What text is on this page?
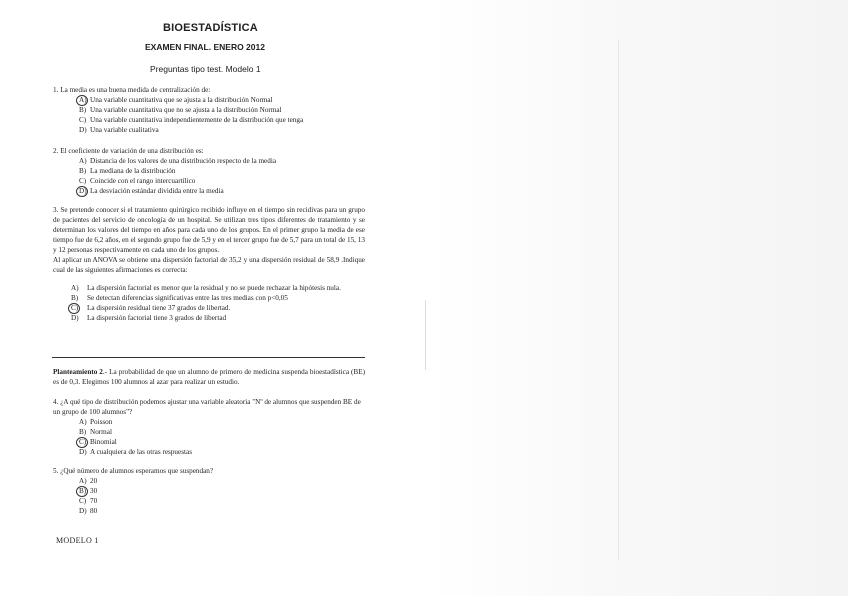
BIOESTADÍSTICA
EXAMEN FINAL. ENERO 2012
Preguntas tipo test. Modelo 1

1. La media es una buena medida de centralización de:

A) Una variable cuantitativa que se ajusta a la distribución Normal
B) Una variable cuantitativa que no se ajusta a la distribución Normal
C) Una variable cuantitativa independientemente de la distribución que tenga
D) Una variable cualitativa

2. El coeficiente de variación de una distribución es:

A) Distancia de los valores de una distribución respecto de la media
B) La mediana de la distribución
C) Coincide con el rango intercuartílico
D) La desviación estándar dividida entre la media

3. Se pretende conocer si el tratamiento quirúrgico recibido influye en el tiempo sin recidivas para un grupo de pacientes del servicio de oncología de un hospital. Se utilizan tres tipos diferentes de tratamiento y se determinan los valores del tiempo en años para cada uno de los grupos. En el primer grupo la media de ese tiempo fue de 6,2 años, en el segundo grupo fue de 5,9 y en el tercer grupo fue de 5,7 para un total de 15, 13 y 12 personas respectivamente en cada uno de los grupos.

Al aplicar un ANOVA se obtiene una dispersión factorial de 35,2 y una dispersión residual de 58,9 .Indique cual de las siguientes afirmaciones es correcta:

A) La dispersión factorial es menor que la residual y no se puede rechazar la hipótesis nula.
B) Se detectan diferencias significativas entre las tres medias con p<0,05
C) La dispersión residual tiene 37 grados de libertad.
D) La dispersión factorial tiene 3 grados de libertad

Planteamiento 2.- La probabilidad de que un alumno de primero de medicina suspenda bioestadística (BE) es de 0,3. Elegimos 100 alumnos al azar para realizar un estudio.

4. ¿A qué tipo de distribución podemos ajustar una variable aleatoria "Nº de alumnos que suspenden BE de un grupo de 100 alumnos"?

A) Poisson
B) Normal
C) Binomial
D) A cualquiera de las otras respuestas

5. ¿Qué número de alumnos esperamos que suspendan?

A) 20
B) 30
C) 70
D) 80
MODELO 1
